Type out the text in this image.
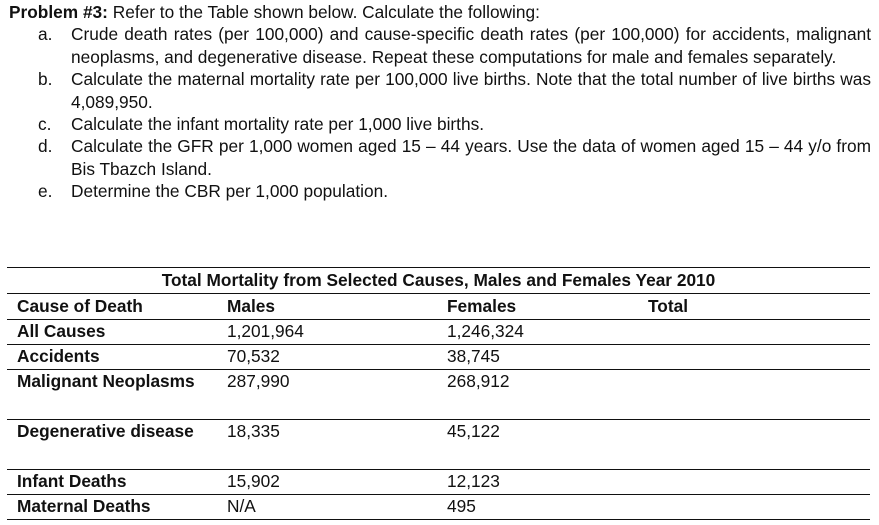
Problem #3: Refer to the Table shown below. Calculate the following:
a. Crude death rates (per 100,000) and cause-specific death rates (per 100,000) for accidents, malignant neoplasms, and degenerative disease. Repeat these computations for male and females separately.
b. Calculate the maternal mortality rate per 100,000 live births. Note that the total number of live births was 4,089,950.
c. Calculate the infant mortality rate per 1,000 live births.
d. Calculate the GFR per 1,000 women aged 15 – 44 years. Use the data of women aged 15 – 44 y/o from Bis Tbazch Island.
e. Determine the CBR per 1,000 population.
Total Mortality from Selected Causes, Males and Females Year 2010			
Cause of Death	Males	Females	Total
All Causes	1,201,964	1,246,324	
Accidents	70,532	38,745	
Malignant Neoplasms	287,990	268,912	
Degenerative disease	18,335	45,122	
Infant Deaths	15,902	12,123	
Maternal Deaths	N/A	495	
